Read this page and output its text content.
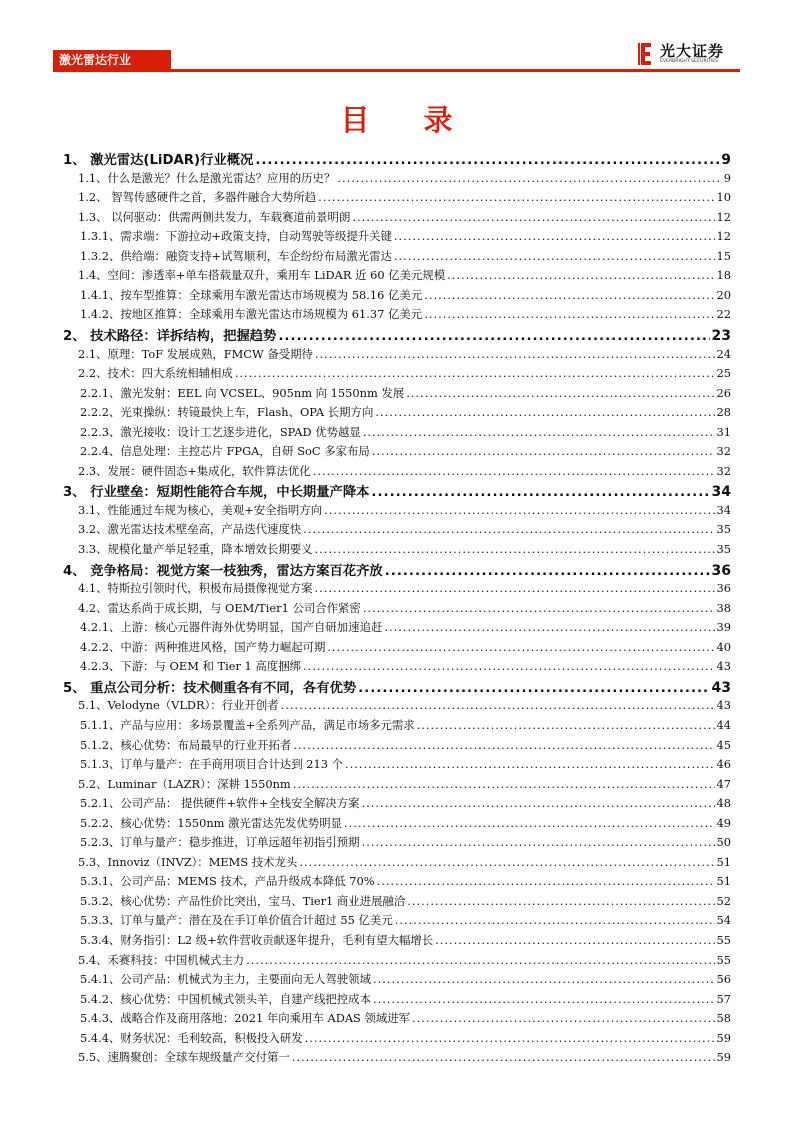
激光雷达行业	光大证券
EVERBRIGHT SECURITIES
目 录
1、 激光雷达(LiDAR)行业概况 .....	9
1.1、什么是激光？什么是激光雷达？应用的历史？ .....	9
1.2、 智驾传感硬件之首，多器件融合大势所趋 .....	10
1.3、 以何驱动：供需两侧共发力，车载赛道前景明朗 .....	12
1.3.1、需求端：下游拉动+政策支持，自动驾驶等级提升关键 .....	12
1.3.2、供给端：融资支持+试驾顺利，车企纷纷布局激光雷达 .....	15
1.4、空间：渗透率+单车搭载量双升，乘用车 LiDAR 近 60 亿美元规模 .....	18
1.4.1、按车型推算：全球乘用车激光雷达市场规模为 58.16 亿美元 .....	20
1.4.2、按地区推算：全球乘用车激光雷达市场规模为 61.37 亿美元 .....	22
2、 技术路径：详拆结构，把握趋势 .....	23
2.1、原理：ToF 发展成熟，FMCW 备受期待 .....	24
2.2、技术：四大系统相辅相成 .....	25
2.2.1、激光发射：EEL 向 VCSEL、905nm 向 1550nm 发展 .....	26
2.2.2、光束操纵：转镜最快上车，Flash、OPA 长期方向 .....	28
2.2.3、激光接收：设计工艺逐步进化，SPAD 优势越显 .....	31
2.2.4、信息处理：主控芯片 FPGA，自研 SoC 多家布局 .....	32
2.3、发展：硬件固态+集成化，软件算法优化 .....	32
3、 行业壁垒：短期性能符合车规，中长期量产降本 .....	34
3.1、性能通过车规为核心，美观+安全指明方向 .....	34
3.2、激光雷达技术壁垒高，产品迭代速度快 .....	35
3.3、规模化量产举足轻重，降本增效长期要义 .....	35
4、 竞争格局：视觉方案一枝独秀，雷达方案百花齐放 .....	36
4.1、特斯拉引领时代，积极布局摄像视觉方案 .....	36
4.2、雷达系尚于成长期，与 OEM/Tier1 公司合作紧密 .....	38
4.2.1、上游：核心元器件海外优势明显，国产自研加速追赶 .....	39
4.2.2、中游：两种推进风格，国产势力崛起可期 .....	40
4.2.3、下游：与 OEM 和 Tier 1 高度捆绑 .....	43
5、 重点公司分析：技术侧重各有不同，各有优势 .....	43
5.1、Velodyne（VLDR）：行业开创者 .....	43
5.1.1、产品与应用：多场景覆盖+全系列产品，满足市场多元需求 .....	44
5.1.2、核心优势：布局最早的行业开拓者 .....	45
5.1.3、订单与量产：在手商用项目合计达到 213 个 .....	46
5.2、Luminar（LAZR）：深耕 1550nm .....	47
5.2.1、公司产品： 提供硬件+软件+全栈安全解决方案 .....	48
5.2.2、核心优势：1550nm 激光雷达先发优势明显 .....	49
5.2.3、订单与量产：稳步推进，订单远超年初指引预期 .....	50
5.3、Innoviz（INVZ）：MEMS 技术龙头 .....	51
5.3.1、公司产品：MEMS 技术，产品升级成本降低 70% .....	51
5.3.2、核心优势：产品性价比突出，宝马、Tier1 商业进展融洽 .....	52
5.3.3、订单与量产：潜在及在手订单价值合计超过 55 亿美元 .....	54
5.3.4、财务指引：L2 级+软件营收贡献逐年提升，毛利有望大幅增长 .....	55
5.4、禾赛科技：中国机械式主力 .....	55
5.4.1、公司产品：机械式为主力，主要面向无人驾驶领域 .....	56
5.4.2、核心优势：中国机械式领头羊，自建产线把控成本 .....	57
5.4.3、战略合作及商用落地：2021 年向乘用车 ADAS 领域进军 .....	58
5.4.4、财务状况：毛利较高，积极投入研发 .....	59
5.5、速腾聚创：全球车规级量产交付第一 .....	59
